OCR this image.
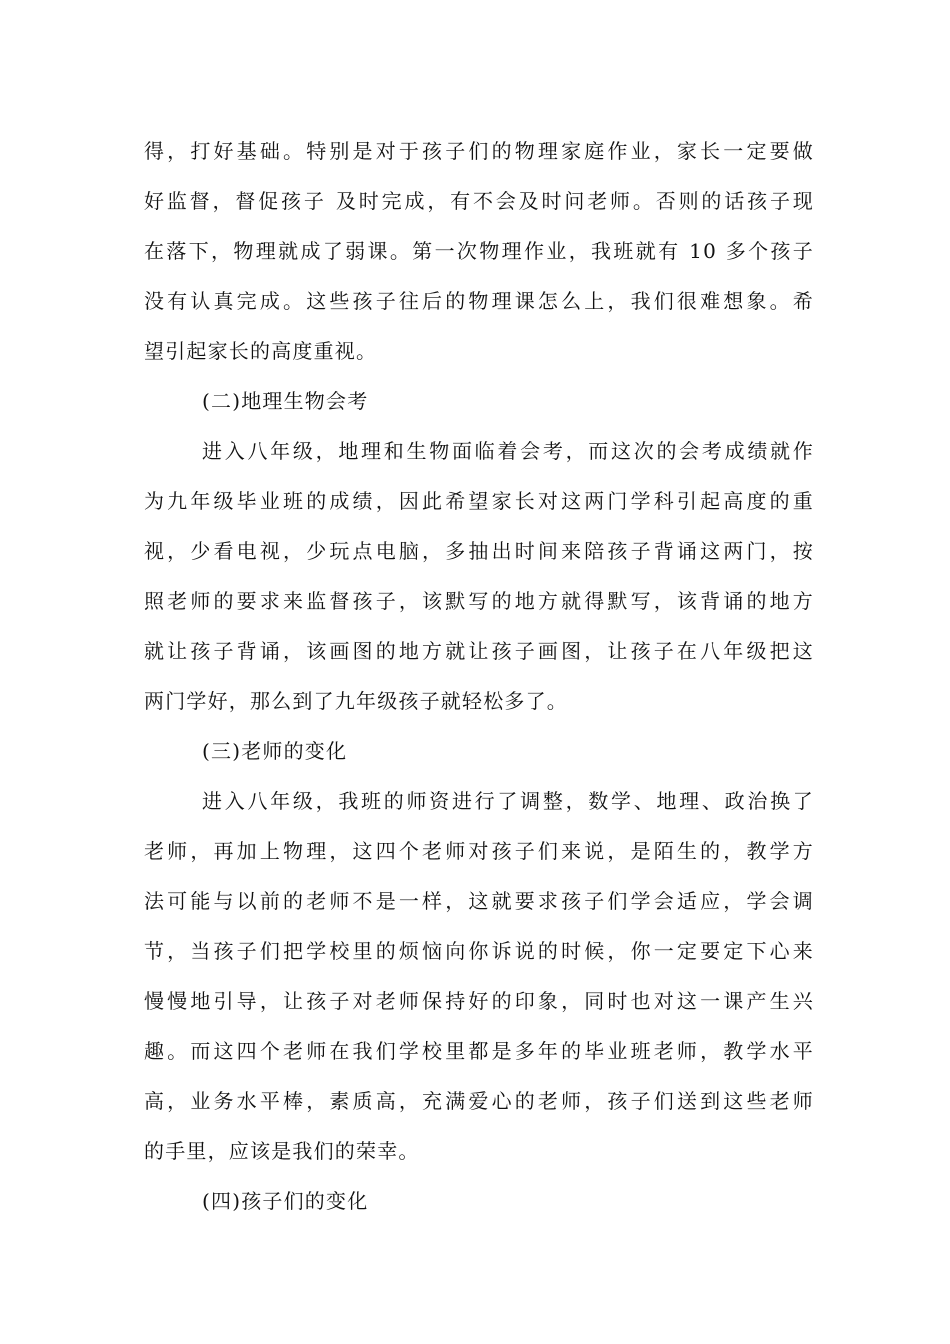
得，打好基础。特别是对于孩子们的物理家庭作业，家长一定要做
好监督，督促孩子 及时完成，有不会及时问老师。否则的话孩子现
在落下，物理就成了弱课。第一次物理作业，我班就有 10 多个孩子
没有认真完成。这些孩子往后的物理课怎么上，我们很难想象。希
望引起家长的高度重视。
(二)地理生物会考
进入八年级，地理和生物面临着会考，而这次的会考成绩就作
为九年级毕业班的成绩，因此希望家长对这两门学科引起高度的重
视，少看电视，少玩点电脑，多抽出时间来陪孩子背诵这两门，按
照老师的要求来监督孩子，该默写的地方就得默写，该背诵的地方
就让孩子背诵，该画图的地方就让孩子画图，让孩子在八年级把这
两门学好，那么到了九年级孩子就轻松多了。
(三)老师的变化
进入八年级，我班的师资进行了调整，数学、地理、政治换了
老师，再加上物理，这四个老师对孩子们来说，是陌生的，教学方
法可能与以前的老师不是一样，这就要求孩子们学会适应，学会调
节，当孩子们把学校里的烦恼向你诉说的时候，你一定要定下心来
慢慢地引导，让孩子对老师保持好的印象，同时也对这一课产生兴
趣。而这四个老师在我们学校里都是多年的毕业班老师，教学水平
高，业务水平棒，素质高，充满爱心的老师，孩子们送到这些老师
的手里，应该是我们的荣幸。
(四)孩子们的变化
